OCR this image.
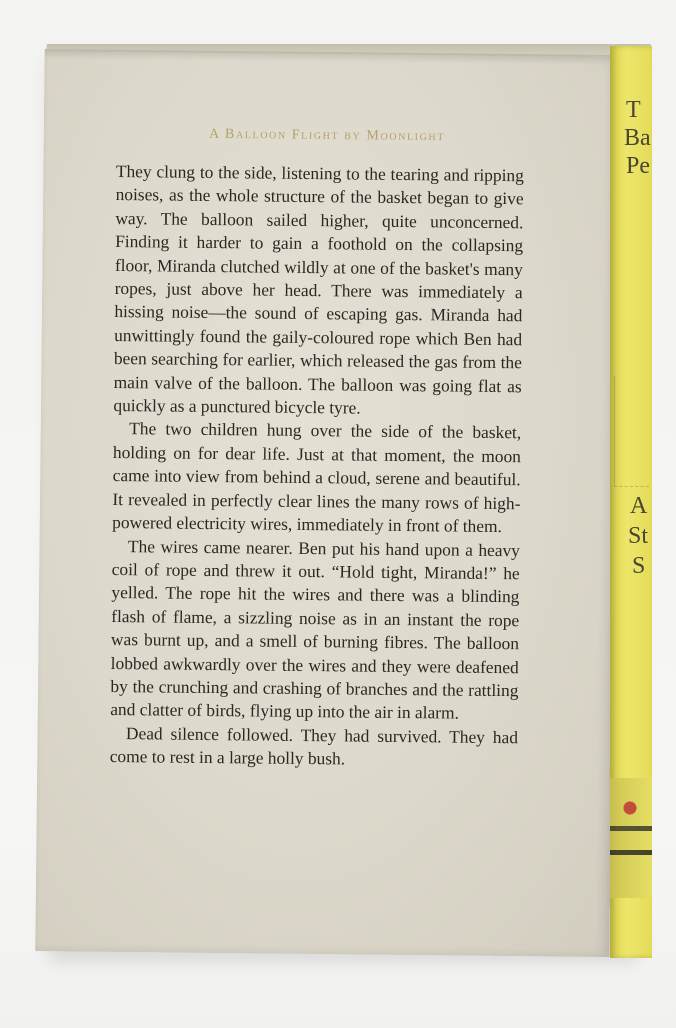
T
Ba
Pe
A
St
S
A Balloon Flight by Moonlight

They clung to the side, listening to the tearing and ripping noises, as the whole structure of the basket began to give way. The balloon sailed higher, quite unconcerned. Finding it harder to gain a foothold on the collapsing floor, Miranda clutched wildly at one of the basket's many ropes, just above her head. There was immediately a hissing noise—the sound of escaping gas. Miranda had unwittingly found the gaily-coloured rope which Ben had been searching for earlier, which released the gas from the main valve of the balloon. The balloon was going flat as quickly as a punctured bicycle tyre.

The two children hung over the side of the basket, holding on for dear life. Just at that moment, the moon came into view from behind a cloud, serene and beautiful. It revealed in perfectly clear lines the many rows of high-powered electricity wires, immediately in front of them.

The wires came nearer. Ben put his hand upon a heavy coil of rope and threw it out. “Hold tight, Miranda!” he yelled. The rope hit the wires and there was a blinding flash of flame, a sizzling noise as in an instant the rope was burnt up, and a smell of burning fibres. The balloon lobbed awkwardly over the wires and they were deafened by the crunching and crashing of branches and the rattling and clatter of birds, flying up into the air in alarm.

Dead silence followed. They had survived. They had come to rest in a large holly bush.
